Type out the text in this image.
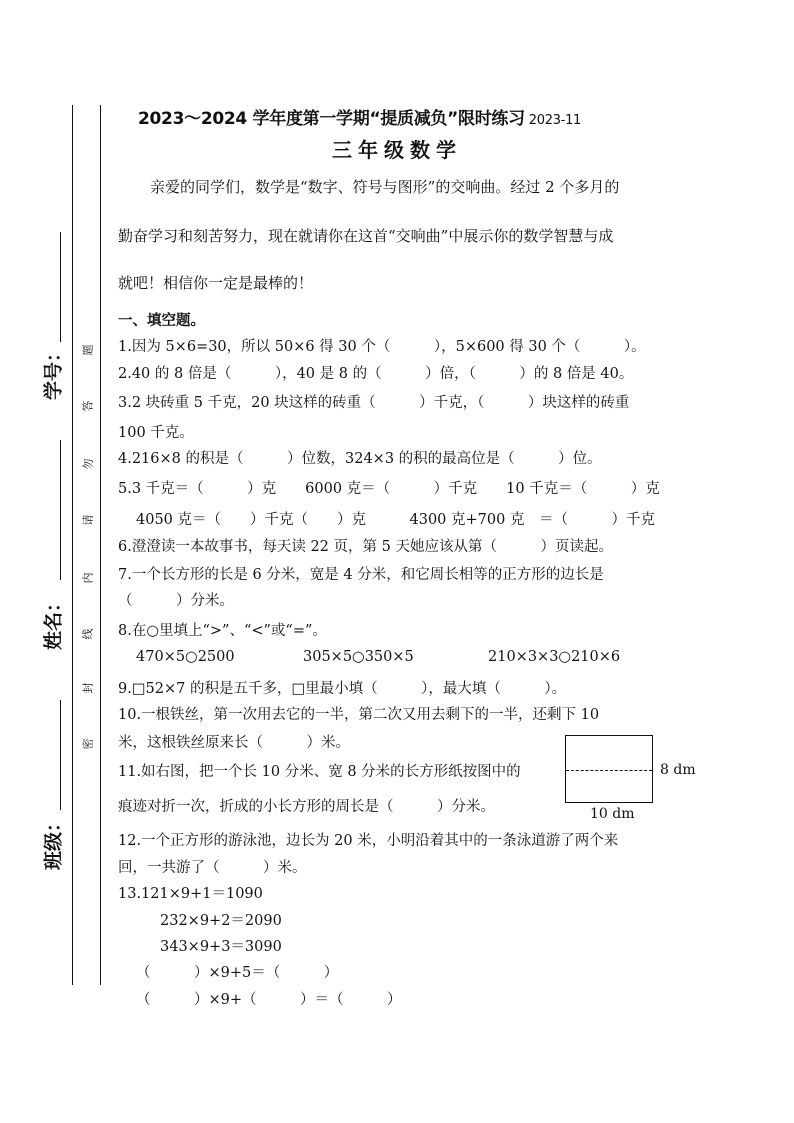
学号：
姓名：
班级：
题
答
勿
请
内
线
封
密
2023～2024 学年度第一学期“提质减负”限时练习 2023-11
三年级数学
亲爱的同学们，数学是“数字、符号与图形”的交响曲。经过 2 个多月的
勤奋学习和刻苦努力，现在就请你在这首“交响曲”中展示你的数学智慧与成
就吧！相信你一定是最棒的！
一、填空题。
1.因为 5×6=30，所以 50×6 得 30 个（　　　），5×600 得 30 个（　　　）。
2.40 的 8 倍是（　　　），40 是 8 的（　　　）倍，（　　　）的 8 倍是 40。
3.2 块砖重 5 千克，20 块这样的砖重（　　　）千克，（　　　）块这样的砖重
100 千克。
4.216×8 的积是（　　　）位数，324×3 的积的最高位是（　　　）位。
5.3 千克＝（　　　）克　　6000 克＝（　　　）千克　　10 千克＝（　　　）克
4050 克＝（　　）千克（　　）克　　　4300 克+700 克　＝（　　　）千克
6.澄澄读一本故事书，每天读 22 页，第 5 天她应该从第（　　　）页读起。
7.一个长方形的长是 6 分米，宽是 4 分米，和它周长相等的正方形的边长是
（　　　）分米。
8.在○里填上“>”、“<”或“=”。
470×5○2500	305×5○350×5	210×3×3○210×6
9.□52×7 的积是五千多，□里最小填（　　　），最大填（　　　）。
10.一根铁丝，第一次用去它的一半，第二次又用去剩下的一半，还剩下 10
米，这根铁丝原来长（　　　）米。
11.如右图，把一个长 10 分米、宽 8 分米的长方形纸按图中的
痕迹对折一次，折成的小长方形的周长是（　　　）分米。
12.一个正方形的游泳池，边长为 20 米，小明沿着其中的一条泳道游了两个来
回，一共游了（　　　）米。
13.121×9+1＝1090
232×9+2＝2090
343×9+3＝3090
（　　　）×9+5＝（　　　）
（　　　）×9+（　　　）＝（　　　）
8 dm
10 dm
